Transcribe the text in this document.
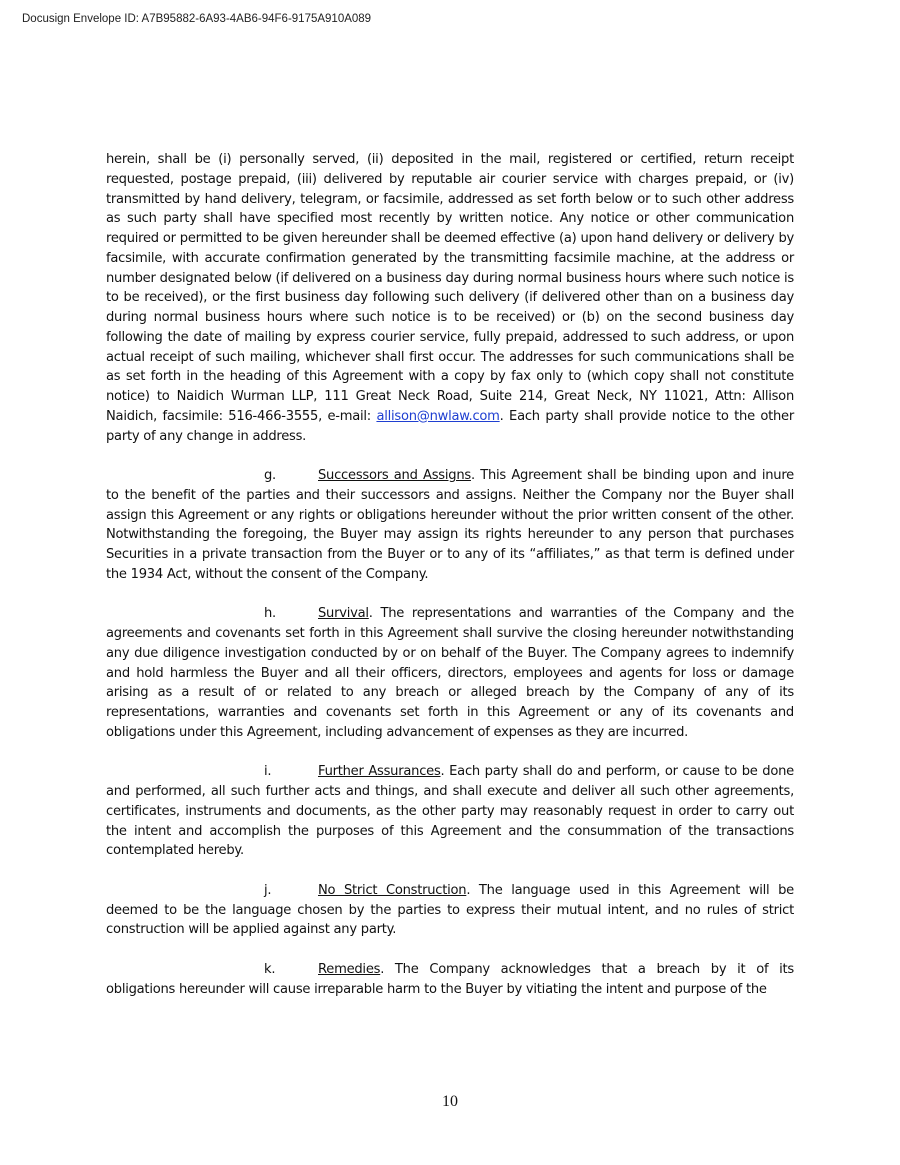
Docusign Envelope ID: A7B95882-6A93-4AB6-94F6-9175A910A089

herein, shall be (i) personally served, (ii) deposited in the mail, registered or certified, return receipt requested, postage prepaid, (iii) delivered by reputable air courier service with charges prepaid, or (iv) transmitted by hand delivery, telegram, or facsimile, addressed as set forth below or to such other address as such party shall have specified most recently by written notice. Any notice or other communication required or permitted to be given hereunder shall be deemed effective (a) upon hand delivery or delivery by facsimile, with accurate confirmation generated by the transmitting facsimile machine, at the address or number designated below (if delivered on a business day during normal business hours where such notice is to be received), or the first business day following such delivery (if delivered other than on a business day during normal business hours where such notice is to be received) or (b) on the second business day following the date of mailing by express courier service, fully prepaid, addressed to such address, or upon actual receipt of such mailing, whichever shall first occur. The addresses for such communications shall be as set forth in the heading of this Agreement with a copy by fax only to (which copy shall not constitute notice) to Naidich Wurman LLP, 111 Great Neck Road, Suite 214, Great Neck, NY 11021, Attn: Allison Naidich, facsimile: 516-466-3555, e-mail: allison@nwlaw.com. Each party shall provide notice to the other party of any change in address.

g.	Successors and Assigns. This Agreement shall be binding upon and inure to the benefit of the parties and their successors and assigns. Neither the Company nor the Buyer shall assign this Agreement or any rights or obligations hereunder without the prior written consent of the other. Notwithstanding the foregoing, the Buyer may assign its rights hereunder to any person that purchases Securities in a private transaction from the Buyer or to any of its “affiliates,” as that term is defined under the 1934 Act, without the consent of the Company.

h.	Survival. The representations and warranties of the Company and the agreements and covenants set forth in this Agreement shall survive the closing hereunder notwithstanding any due diligence investigation conducted by or on behalf of the Buyer. The Company agrees to indemnify and hold harmless the Buyer and all their officers, directors, employees and agents for loss or damage arising as a result of or related to any breach or alleged breach by the Company of any of its representations, warranties and covenants set forth in this Agreement or any of its covenants and obligations under this Agreement, including advancement of expenses as they are incurred.

i.	Further Assurances. Each party shall do and perform, or cause to be done and performed, all such further acts and things, and shall execute and deliver all such other agreements, certificates, instruments and documents, as the other party may reasonably request in order to carry out the intent and accomplish the purposes of this Agreement and the consummation of the transactions contemplated hereby.

j.	No Strict Construction. The language used in this Agreement will be deemed to be the language chosen by the parties to express their mutual intent, and no rules of strict construction will be applied against any party.

k.	Remedies. The Company acknowledges that a breach by it of its obligations hereunder will cause irreparable harm to the Buyer by vitiating the intent and purpose of the

10
